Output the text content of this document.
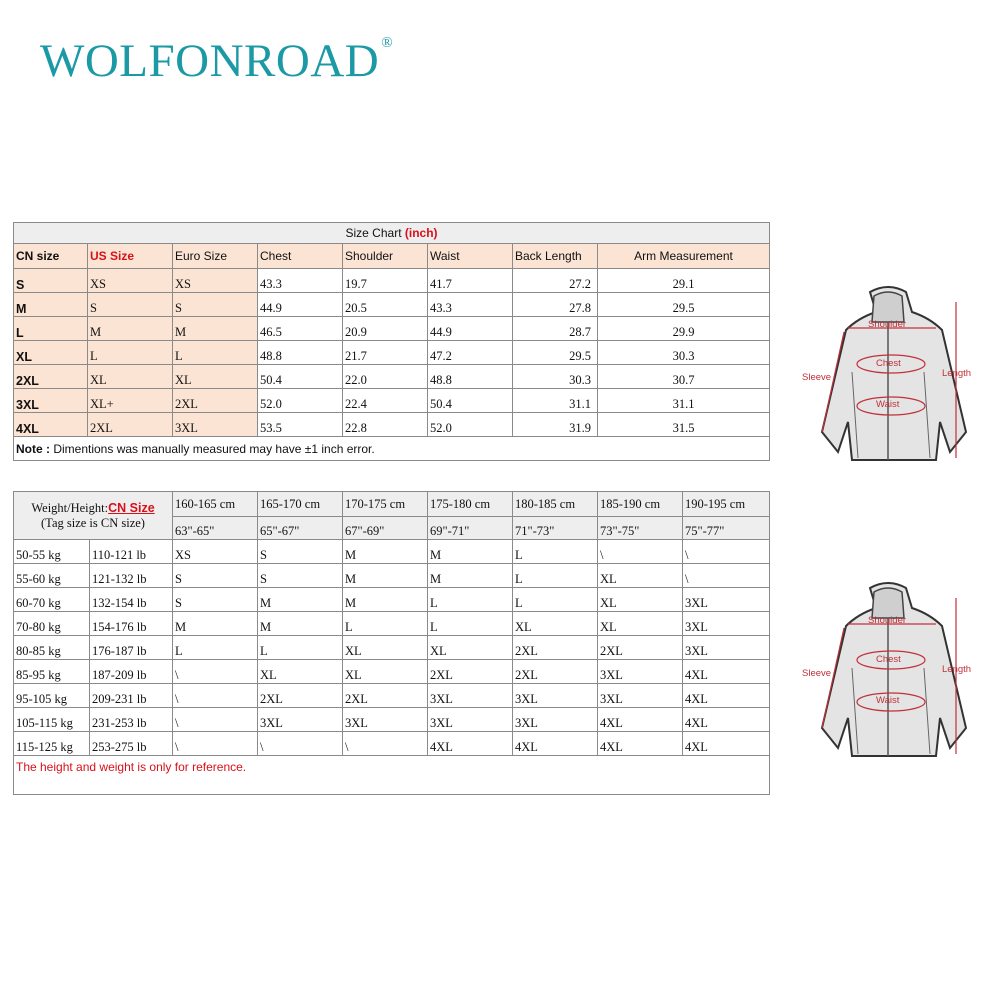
WOLFONROAD ®
Size Chart (inch)							
CN size	US Size	Euro Size	Chest	Shoulder	Waist	Back Length	Arm Measurement
S	XS	XS	43.3	19.7	41.7	27.2	29.1
M	S	S	44.9	20.5	43.3	27.8	29.5
L	M	M	46.5	20.9	44.9	28.7	29.9
XL	L	L	48.8	21.7	47.2	29.5	30.3
2XL	XL	XL	50.4	22.0	48.8	30.3	30.7
3XL	XL+	2XL	52.0	22.4	50.4	31.1	31.1
4XL	2XL	3XL	53.5	22.8	52.0	31.9	31.5
Note : Dimentions was manually measured may have ±1 inch error.							
Weight/Height:CN Size
(Tag size is CN size)		160-165 cm	165-170 cm	170-175 cm	175-180 cm	180-185 cm	185-190 cm	190-195 cm
		63"-65"	65"-67"	67"-69"	69"-71"	71"-73"	73"-75"	75"-77"
50-55 kg	110-121 lb	XS	S	M	M	L	\	\
55-60 kg	121-132 lb	S	S	M	M	L	XL	\
60-70 kg	132-154 lb	S	M	M	L	L	XL	3XL
70-80 kg	154-176 lb	M	M	L	L	XL	XL	3XL
80-85 kg	176-187 lb	L	L	XL	XL	2XL	2XL	3XL
85-95 kg	187-209 lb	\	XL	XL	2XL	2XL	3XL	4XL
95-105 kg	209-231 lb	\	2XL	2XL	3XL	3XL	3XL	4XL
105-115 kg	231-253 lb	\	3XL	3XL	3XL	3XL	4XL	4XL
115-125 kg	253-275 lb	\	\	\	4XL	4XL	4XL	4XL
The height and weight is only for reference.								
Shoulder
Chest
Waist
Sleeve	Length
Shoulder
Chest
Waist
Sleeve	Length
